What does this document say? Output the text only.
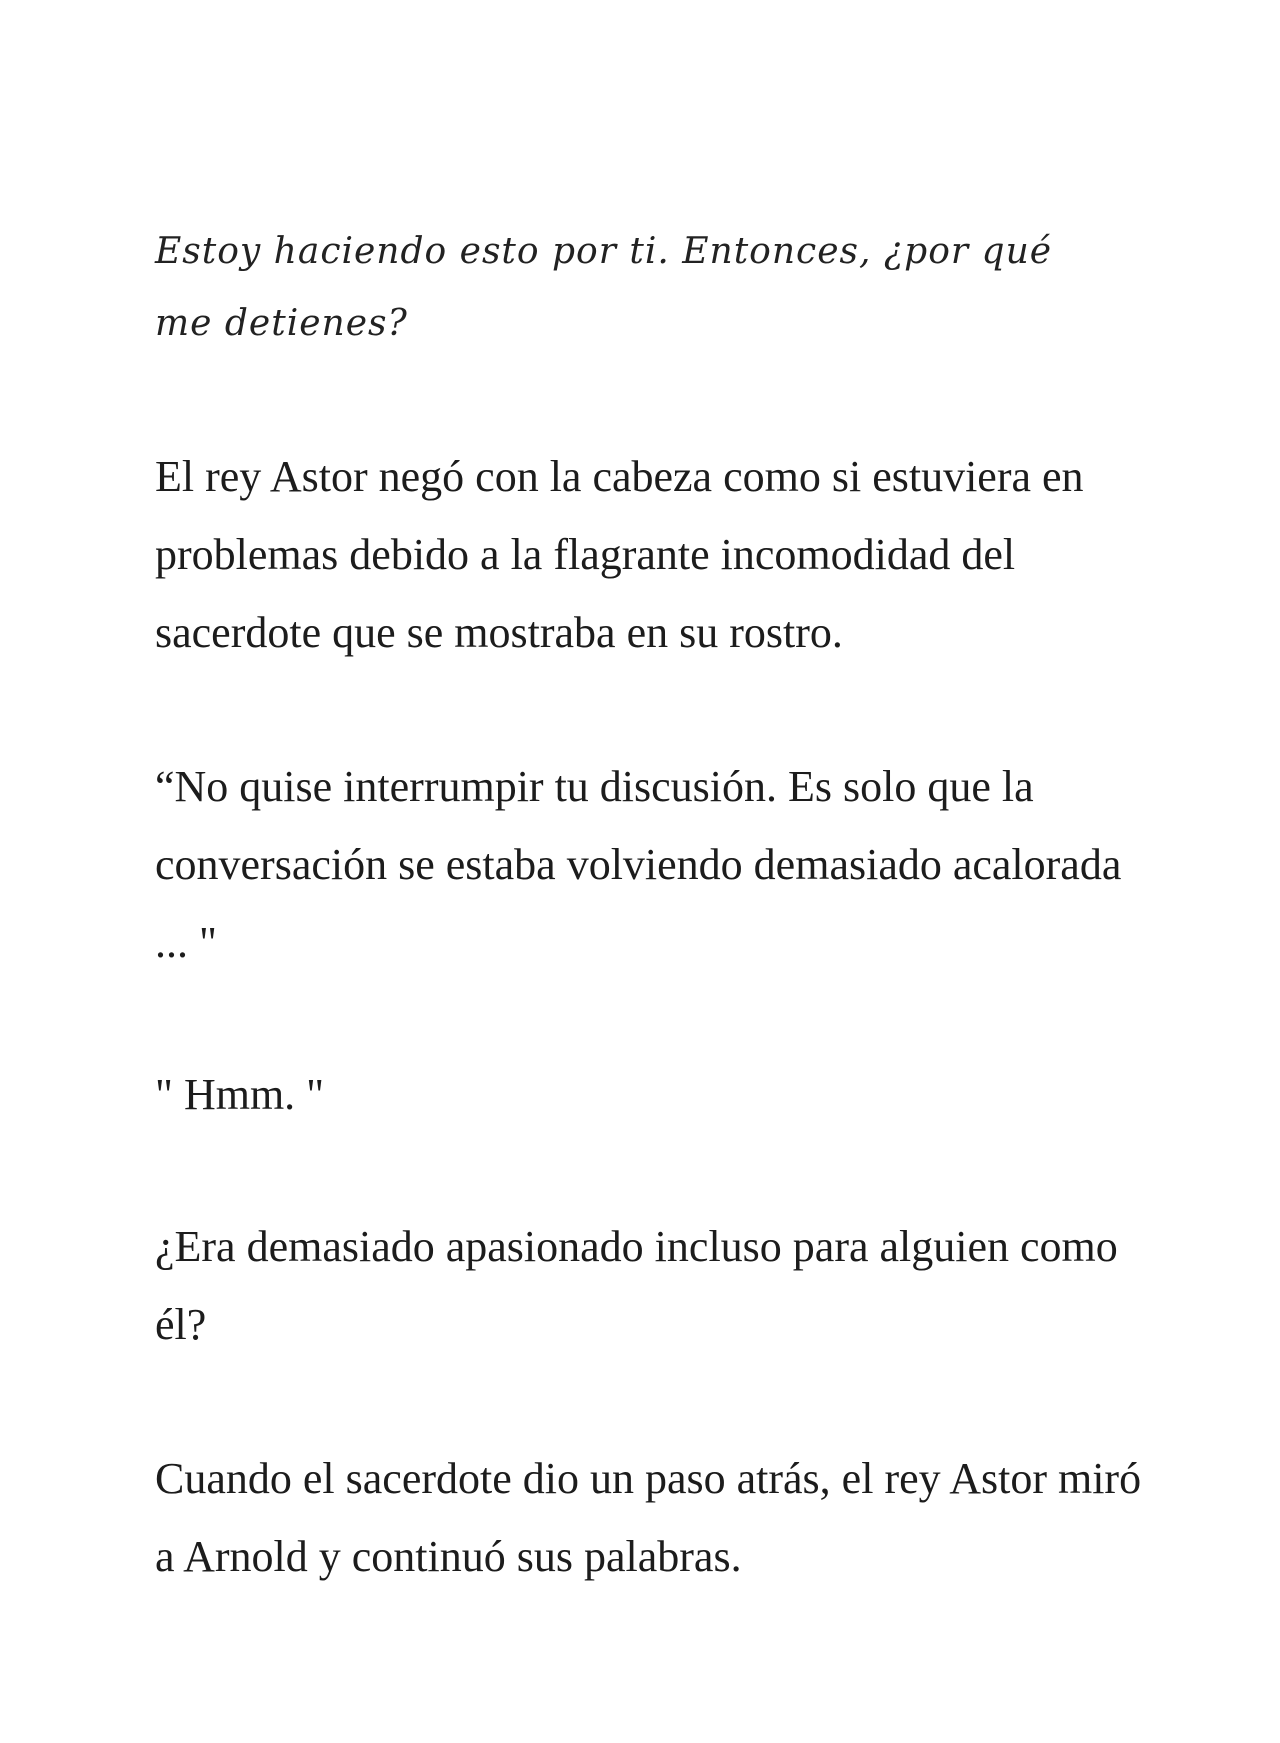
Estoy haciendo esto por ti. Entonces, ¿por qué me detienes?

El rey Astor negó con la cabeza como si estuviera en problemas debido a la flagrante incomodidad del sacerdote que se mostraba en su rostro.

“No quise interrumpir tu discusión. Es solo que la conversación se estaba volviendo demasiado acalorada ... "

" Hmm. "

¿Era demasiado apasionado incluso para alguien como él?

Cuando el sacerdote dio un paso atrás, el rey Astor miró a Arnold y continuó sus palabras.
